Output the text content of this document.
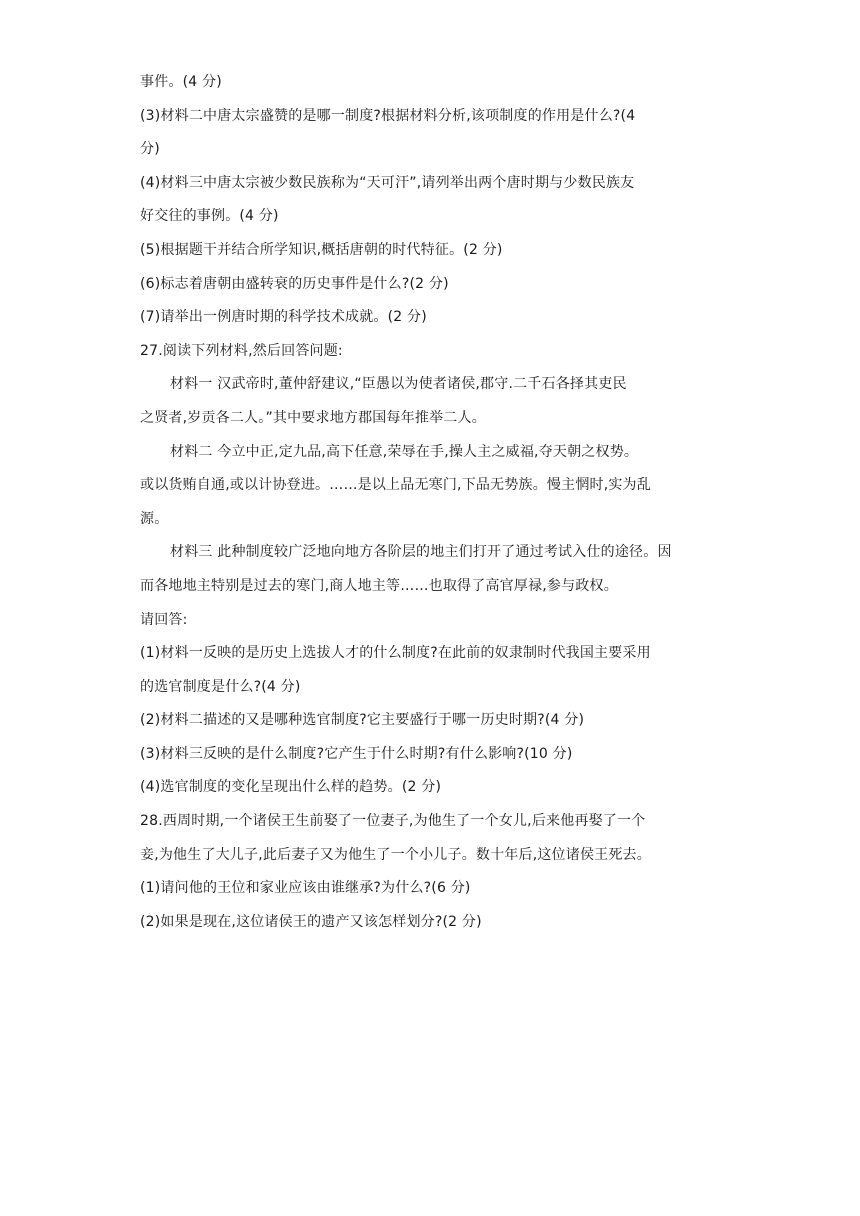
事件。(4 分)
(3)材料二中唐太宗盛赞的是哪一制度?根据材料分析,该项制度的作用是什么?(4
分)
(4)材料三中唐太宗被少数民族称为“天可汗”,请列举出两个唐时期与少数民族友
好交往的事例。(4 分)
(5)根据题干并结合所学知识,概括唐朝的时代特征。(2 分)
(6)标志着唐朝由盛转衰的历史事件是什么?(2 分)
(7)请举出一例唐时期的科学技术成就。(2 分)
27.阅读下列材料,然后回答问题:
材料一 汉武帝时,董仲舒建议,“臣愚以为使者诸侯,郡守.二千石各择其吏民
之贤者,岁贡各二人。”其中要求地方郡国每年推举二人。
材料二 今立中正,定九品,高下任意,荣辱在手,操人主之威福,夺天朝之权势。
或以货贿自通,或以计协登进。……是以上品无寒门,下品无势族。慢主惘时,实为乱
源。
材料三 此种制度较广泛地向地方各阶层的地主们打开了通过考试入仕的途径。因
而各地地主特别是过去的寒门,商人地主等……也取得了高官厚禄,参与政权。
请回答:
(1)材料一反映的是历史上选拔人才的什么制度?在此前的奴隶制时代我国主要采用
的选官制度是什么?(4 分)
(2)材料二描述的又是哪种选官制度?它主要盛行于哪一历史时期?(4 分)
(3)材料三反映的是什么制度?它产生于什么时期?有什么影响?(10 分)
(4)选官制度的变化呈现出什么样的趋势。(2 分)
28.西周时期,一个诸侯王生前娶了一位妻子,为他生了一个女儿,后来他再娶了一个
妾,为他生了大儿子,此后妻子又为他生了一个小儿子。数十年后,这位诸侯王死去。
(1)请问他的王位和家业应该由谁继承?为什么?(6 分)
(2)如果是现在,这位诸侯王的遗产又该怎样划分?(2 分)
